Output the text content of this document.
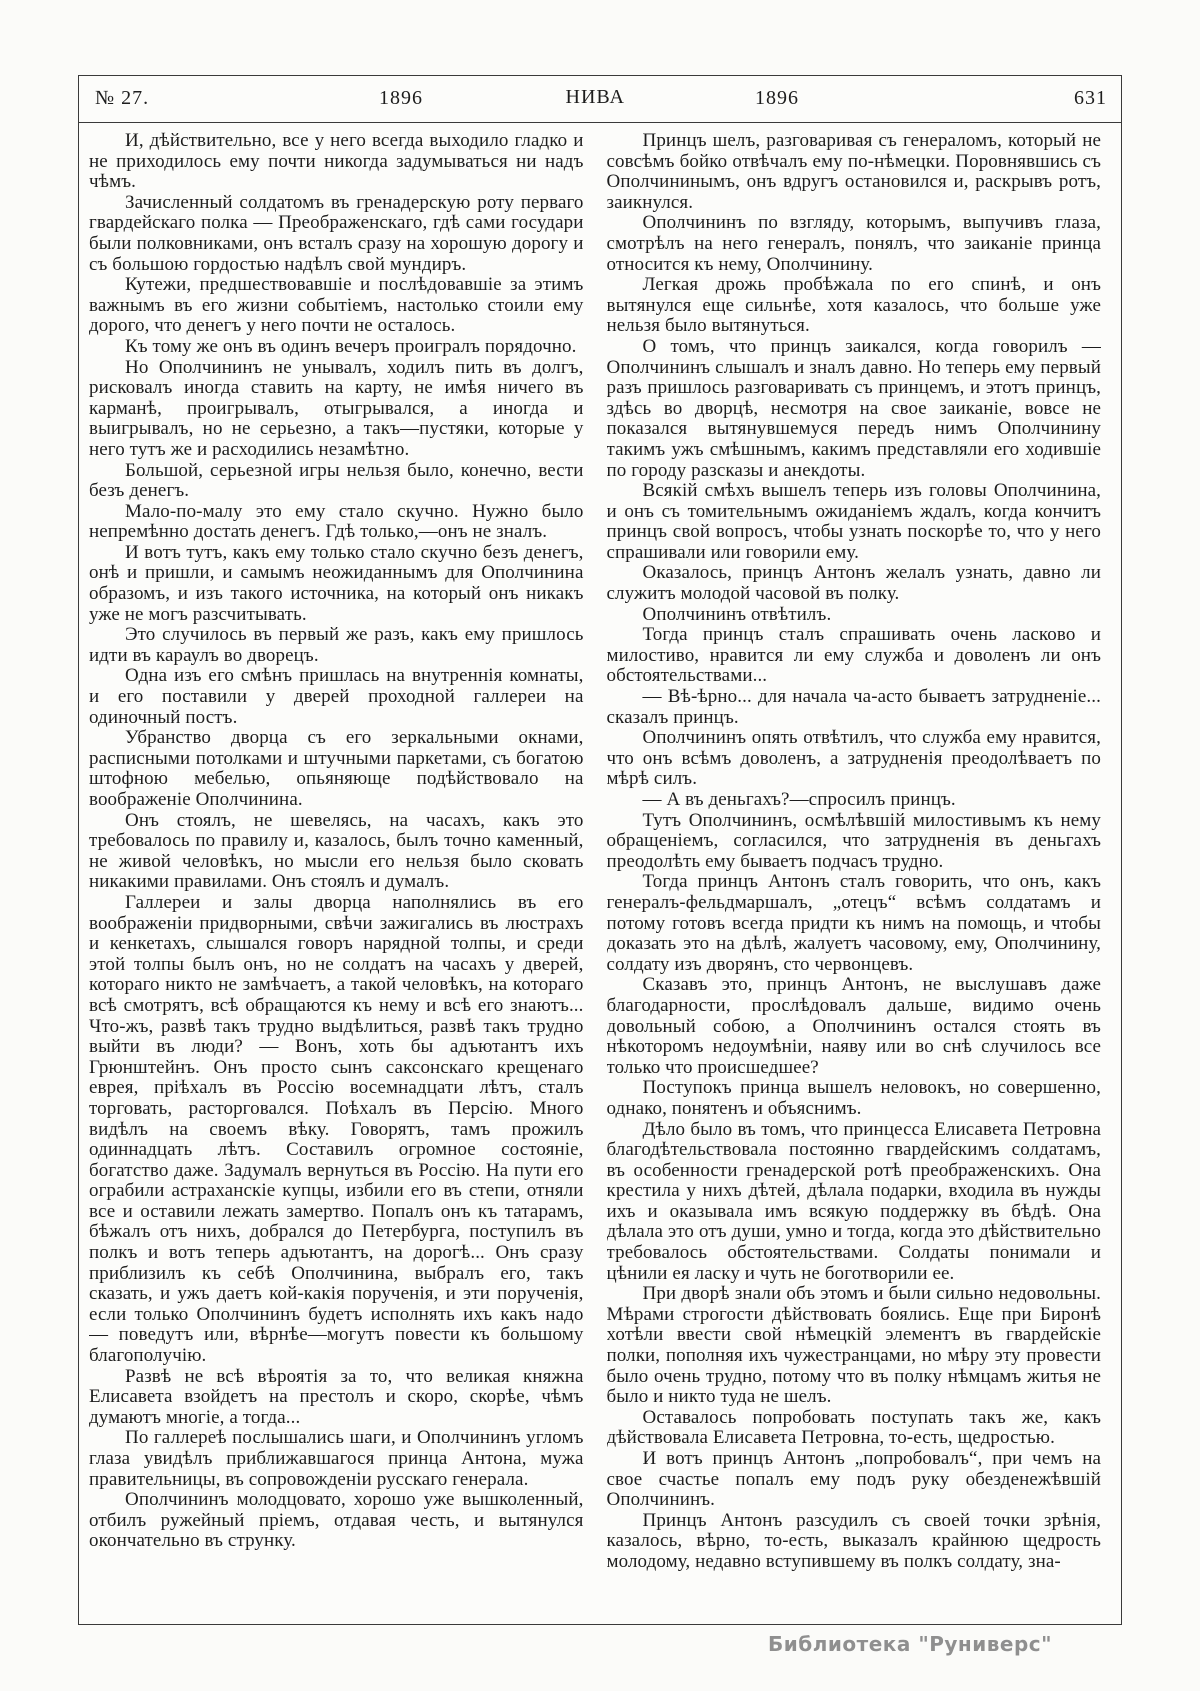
№ 27.	1896	НИВА	1896	631

И, дѣйствительно, все у него всегда выходило гладко и не приходилось ему почти никогда задумываться ни надъ чѣмъ.

Зачисленный солдатомъ въ гренадерскую роту перваго гвардейскаго полка — Преображенскаго, гдѣ сами государи были полковниками, онъ всталъ сразу на хорошую дорогу и съ большою гордостью надѣлъ свой мундиръ.

Кутежи, предшествовавшіе и послѣдовавшіе за этимъ важнымъ въ его жизни событіемъ, настолько стоили ему дорого, что денегъ у него почти не осталось.

Къ тому же онъ въ одинъ вечеръ проигралъ порядочно.

Но Ополчининъ не унывалъ, ходилъ пить въ долгъ, рисковалъ иногда ставить на карту, не имѣя ничего въ карманѣ, проигрывалъ, отыгрывался, а иногда и выигрывалъ, но не серьезно, а такъ—пустяки, которые у него тутъ же и расходились незамѣтно.

Большой, серьезной игры нельзя было, конечно, вести безъ денегъ.

Мало-по-малу это ему стало скучно. Нужно было непремѣнно достать денегъ. Гдѣ только,—онъ не зналъ.

И вотъ тутъ, какъ ему только стало скучно безъ денегъ, онѣ и пришли, и самымъ неожиданнымъ для Ополчинина образомъ, и изъ такого источника, на который онъ никакъ уже не могъ разсчитывать.

Это случилось въ первый же разъ, какъ ему пришлось идти въ караулъ во дворецъ.

Одна изъ его смѣнъ пришлась на внутреннія комнаты, и его поставили у дверей проходной галлереи на одиночный постъ.

Убранство дворца съ его зеркальными окнами, расписными потолками и штучными паркетами, съ богатою штофною мебелью, опьяняюще подѣйствовало на воображеніе Ополчинина.

Онъ стоялъ, не шевелясь, на часахъ, какъ это требовалось по правилу и, казалось, былъ точно каменный, не живой человѣкъ, но мысли его нельзя было сковать никакими правилами. Онъ стоялъ и думалъ.

Галлереи и залы дворца наполнялись въ его воображеніи придворными, свѣчи зажигались въ люстрахъ и кенкетахъ, слышался говоръ нарядной толпы, и среди этой толпы былъ онъ, но не солдатъ на часахъ у дверей, котораго никто не замѣчаетъ, а такой человѣкъ, на котораго всѣ смотрятъ, всѣ обращаются къ нему и всѣ его знаютъ... Что-жъ, развѣ такъ трудно выдѣлиться, развѣ такъ трудно выйти въ люди? — Вонъ, хоть бы адъютантъ ихъ Грюнштейнъ. Онъ просто сынъ саксонскаго крещенаго еврея, пріѣхалъ въ Россію восемнадцати лѣтъ, сталъ торговать, расторговался. Поѣхалъ въ Персію. Много видѣлъ на своемъ вѣку. Говорятъ, тамъ прожилъ одиннадцать лѣтъ. Составилъ огромное состояніе, богатство даже. Задумалъ вернуться въ Россію. На пути его ограбили астраханскіе купцы, избили его въ степи, отняли все и оставили лежать замертво. Попалъ онъ къ татарамъ, бѣжалъ отъ нихъ, добрался до Петербурга, поступилъ въ полкъ и вотъ теперь адъютантъ, на дорогѣ... Онъ сразу приблизилъ къ себѣ Ополчинина, выбралъ его, такъ сказать, и ужъ даетъ кой-какія порученія, и эти порученія, если только Ополчининъ будетъ исполнять ихъ какъ надо — поведутъ или, вѣрнѣе—могутъ повести къ большому благополучію.

Развѣ не всѣ вѣроятія за то, что великая княжна Елисавета взойдетъ на престолъ и скоро, скорѣе, чѣмъ думаютъ многіе, а тогда...

По галлереѣ послышались шаги, и Ополчининъ угломъ глаза увидѣлъ приближавшагося принца Антона, мужа правительницы, въ сопровожденіи русскаго генерала.

Ополчининъ молодцовато, хорошо уже вышколенный, отбилъ ружейный пріемъ, отдавая честь, и вытянулся окончательно въ струнку.

Принцъ шелъ, разговаривая съ генераломъ, который не совсѣмъ бойко отвѣчалъ ему по-нѣмецки. Поровнявшись съ Ополчининымъ, онъ вдругъ остановился и, раскрывъ ротъ, заикнулся.

Ополчининъ по взгляду, которымъ, выпучивъ глаза, смотрѣлъ на него генералъ, понялъ, что заиканіе принца относится къ нему, Ополчинину.

Легкая дрожь пробѣжала по его спинѣ, и онъ вытянулся еще сильнѣе, хотя казалось, что больше уже нельзя было вытянуться.

О томъ, что принцъ заикался, когда говорилъ — Ополчининъ слышалъ и зналъ давно. Но теперь ему первый разъ пришлось разговаривать съ принцемъ, и этотъ принцъ, здѣсь во дворцѣ, несмотря на свое заиканіе, вовсе не показался вытянувшемуся передъ нимъ Ополчинину такимъ ужъ смѣшнымъ, какимъ представляли его ходившіе по городу разсказы и анекдоты.

Всякій смѣхъ вышелъ теперь изъ головы Ополчинина, и онъ съ томительнымъ ожиданіемъ ждалъ, когда кончитъ принцъ свой вопросъ, чтобы узнать поскорѣе то, что у него спрашивали или говорили ему.

Оказалось, принцъ Антонъ желалъ узнать, давно ли служитъ молодой часовой въ полку.

Ополчининъ отвѣтилъ.

Тогда принцъ сталъ спрашивать очень ласково и милостиво, нравится ли ему служба и доволенъ ли онъ обстоятельствами...

— Вѣ-ѣрно... для начала ча-асто бываетъ затрудненіе... сказалъ принцъ.

Ополчининъ опять отвѣтилъ, что служба ему нравится, что онъ всѣмъ доволенъ, а затрудненія преодолѣваетъ по мѣрѣ силъ.

— А въ деньгахъ?—спросилъ принцъ.

Тутъ Ополчининъ, осмѣлѣвшій милостивымъ къ нему обращеніемъ, согласился, что затрудненія въ деньгахъ преодолѣть ему бываетъ подчасъ трудно.

Тогда принцъ Антонъ сталъ говорить, что онъ, какъ генералъ-фельдмаршалъ, „отецъ“ всѣмъ солдатамъ и потому готовъ всегда придти къ нимъ на помощь, и чтобы доказать это на дѣлѣ, жалуетъ часовому, ему, Ополчинину, солдату изъ дворянъ, сто червонцевъ.

Сказавъ это, принцъ Антонъ, не выслушавъ даже благодарности, прослѣдовалъ дальше, видимо очень довольный собою, а Ополчининъ остался стоять въ нѣкоторомъ недоумѣніи, наяву или во снѣ случилось все только что происшедшее?

Поступокъ принца вышелъ неловокъ, но совершенно, однако, понятенъ и объяснимъ.

Дѣло было въ томъ, что принцесса Елисавета Петровна благодѣтельствовала постоянно гвардейскимъ солдатамъ, въ особенности гренадерской ротѣ преображенскихъ. Она крестила у нихъ дѣтей, дѣлала подарки, входила въ нужды ихъ и оказывала имъ всякую поддержку въ бѣдѣ. Она дѣлала это отъ души, умно и тогда, когда это дѣйствительно требовалось обстоятельствами. Солдаты понимали и цѣнили ея ласку и чуть не боготворили ее.

При дворѣ знали объ этомъ и были сильно недовольны. Мѣрами строгости дѣйствовать боялись. Еще при Биронѣ хотѣли ввести свой нѣмецкій элементъ въ гвардейскіе полки, пополняя ихъ чужестранцами, но мѣру эту провести было очень трудно, потому что въ полку нѣмцамъ житья не было и никто туда не шелъ.

Оставалось попробовать поступать такъ же, какъ дѣйствовала Елисавета Петровна, то-есть, щедростью.

И вотъ принцъ Антонъ „попробовалъ“, при чемъ на свое счастье попалъ ему подъ руку обезденежѣвшій Ополчининъ.

Принцъ Антонъ разсудилъ съ своей точки зрѣнія, казалось, вѣрно, то-есть, выказалъ крайнюю щедрость молодому, недавно вступившему въ полкъ солдату, зна-

Библиотека "Руниверс"
